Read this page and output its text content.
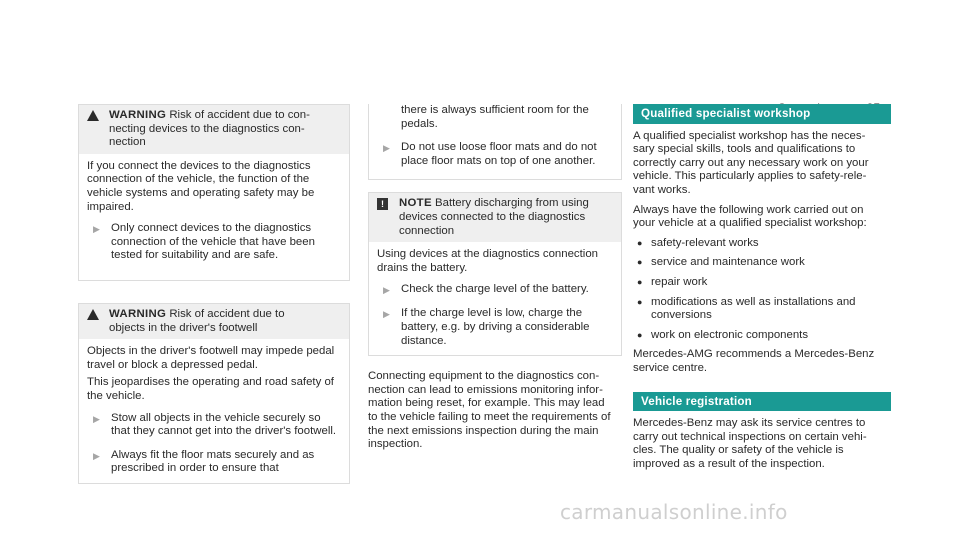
WARNING Risk of accident due to con-
necting devices to the diagnostics con-
nection

If you connect the devices to the diagnostics connection of the vehicle, the function of the vehicle systems and operating safety may be impaired.

▶ Only connect devices to the diagnostics connection of the vehicle that have been tested for suitability and are safe.
WARNING Risk of accident due to
objects in the driver's footwell

Objects in the driver's footwell may impede pedal travel or block a depressed pedal.

This jeopardises the operating and road safety of the vehicle.

▶ Stow all objects in the vehicle securely so that they cannot get into the driver's footwell.
▶ Always fit the floor mats securely and as prescribed in order to ensure that
there is always sufficient room for the pedals.
▶ Do not use loose floor mats and do not place floor mats on top of one another.
!	NOTE Battery discharging from using
devices connected to the diagnostics
connection

Using devices at the diagnostics connection drains the battery.

▶ Check the charge level of the battery.
▶ If the charge level is low, charge the battery, e.g. by driving a considerable distance.

Connecting equipment to the diagnostics con-
nection can lead to emissions monitoring infor-
mation being reset, for example. This may lead
to the vehicle failing to meet the requirements of
the next emissions inspection during the main
inspection.

Qualified specialist workshop

A qualified specialist workshop has the neces-
sary special skills, tools and qualifications to
correctly carry out any necessary work on your
vehicle. This particularly applies to safety-rele-
vant works.

Always have the following work carried out on
your vehicle at a qualified specialist workshop:

● safety-relevant works
● service and maintenance work
● repair work
● modifications as well as installations and conversions
● work on electronic components

Mercedes-AMG recommends a Mercedes-Benz
service centre.

Vehicle registration

Mercedes-Benz may ask its service centres to
carry out technical inspections on certain vehi-
cles. The quality or safety of the vehicle is
improved as a result of the inspection.

carmanualsonline.info
